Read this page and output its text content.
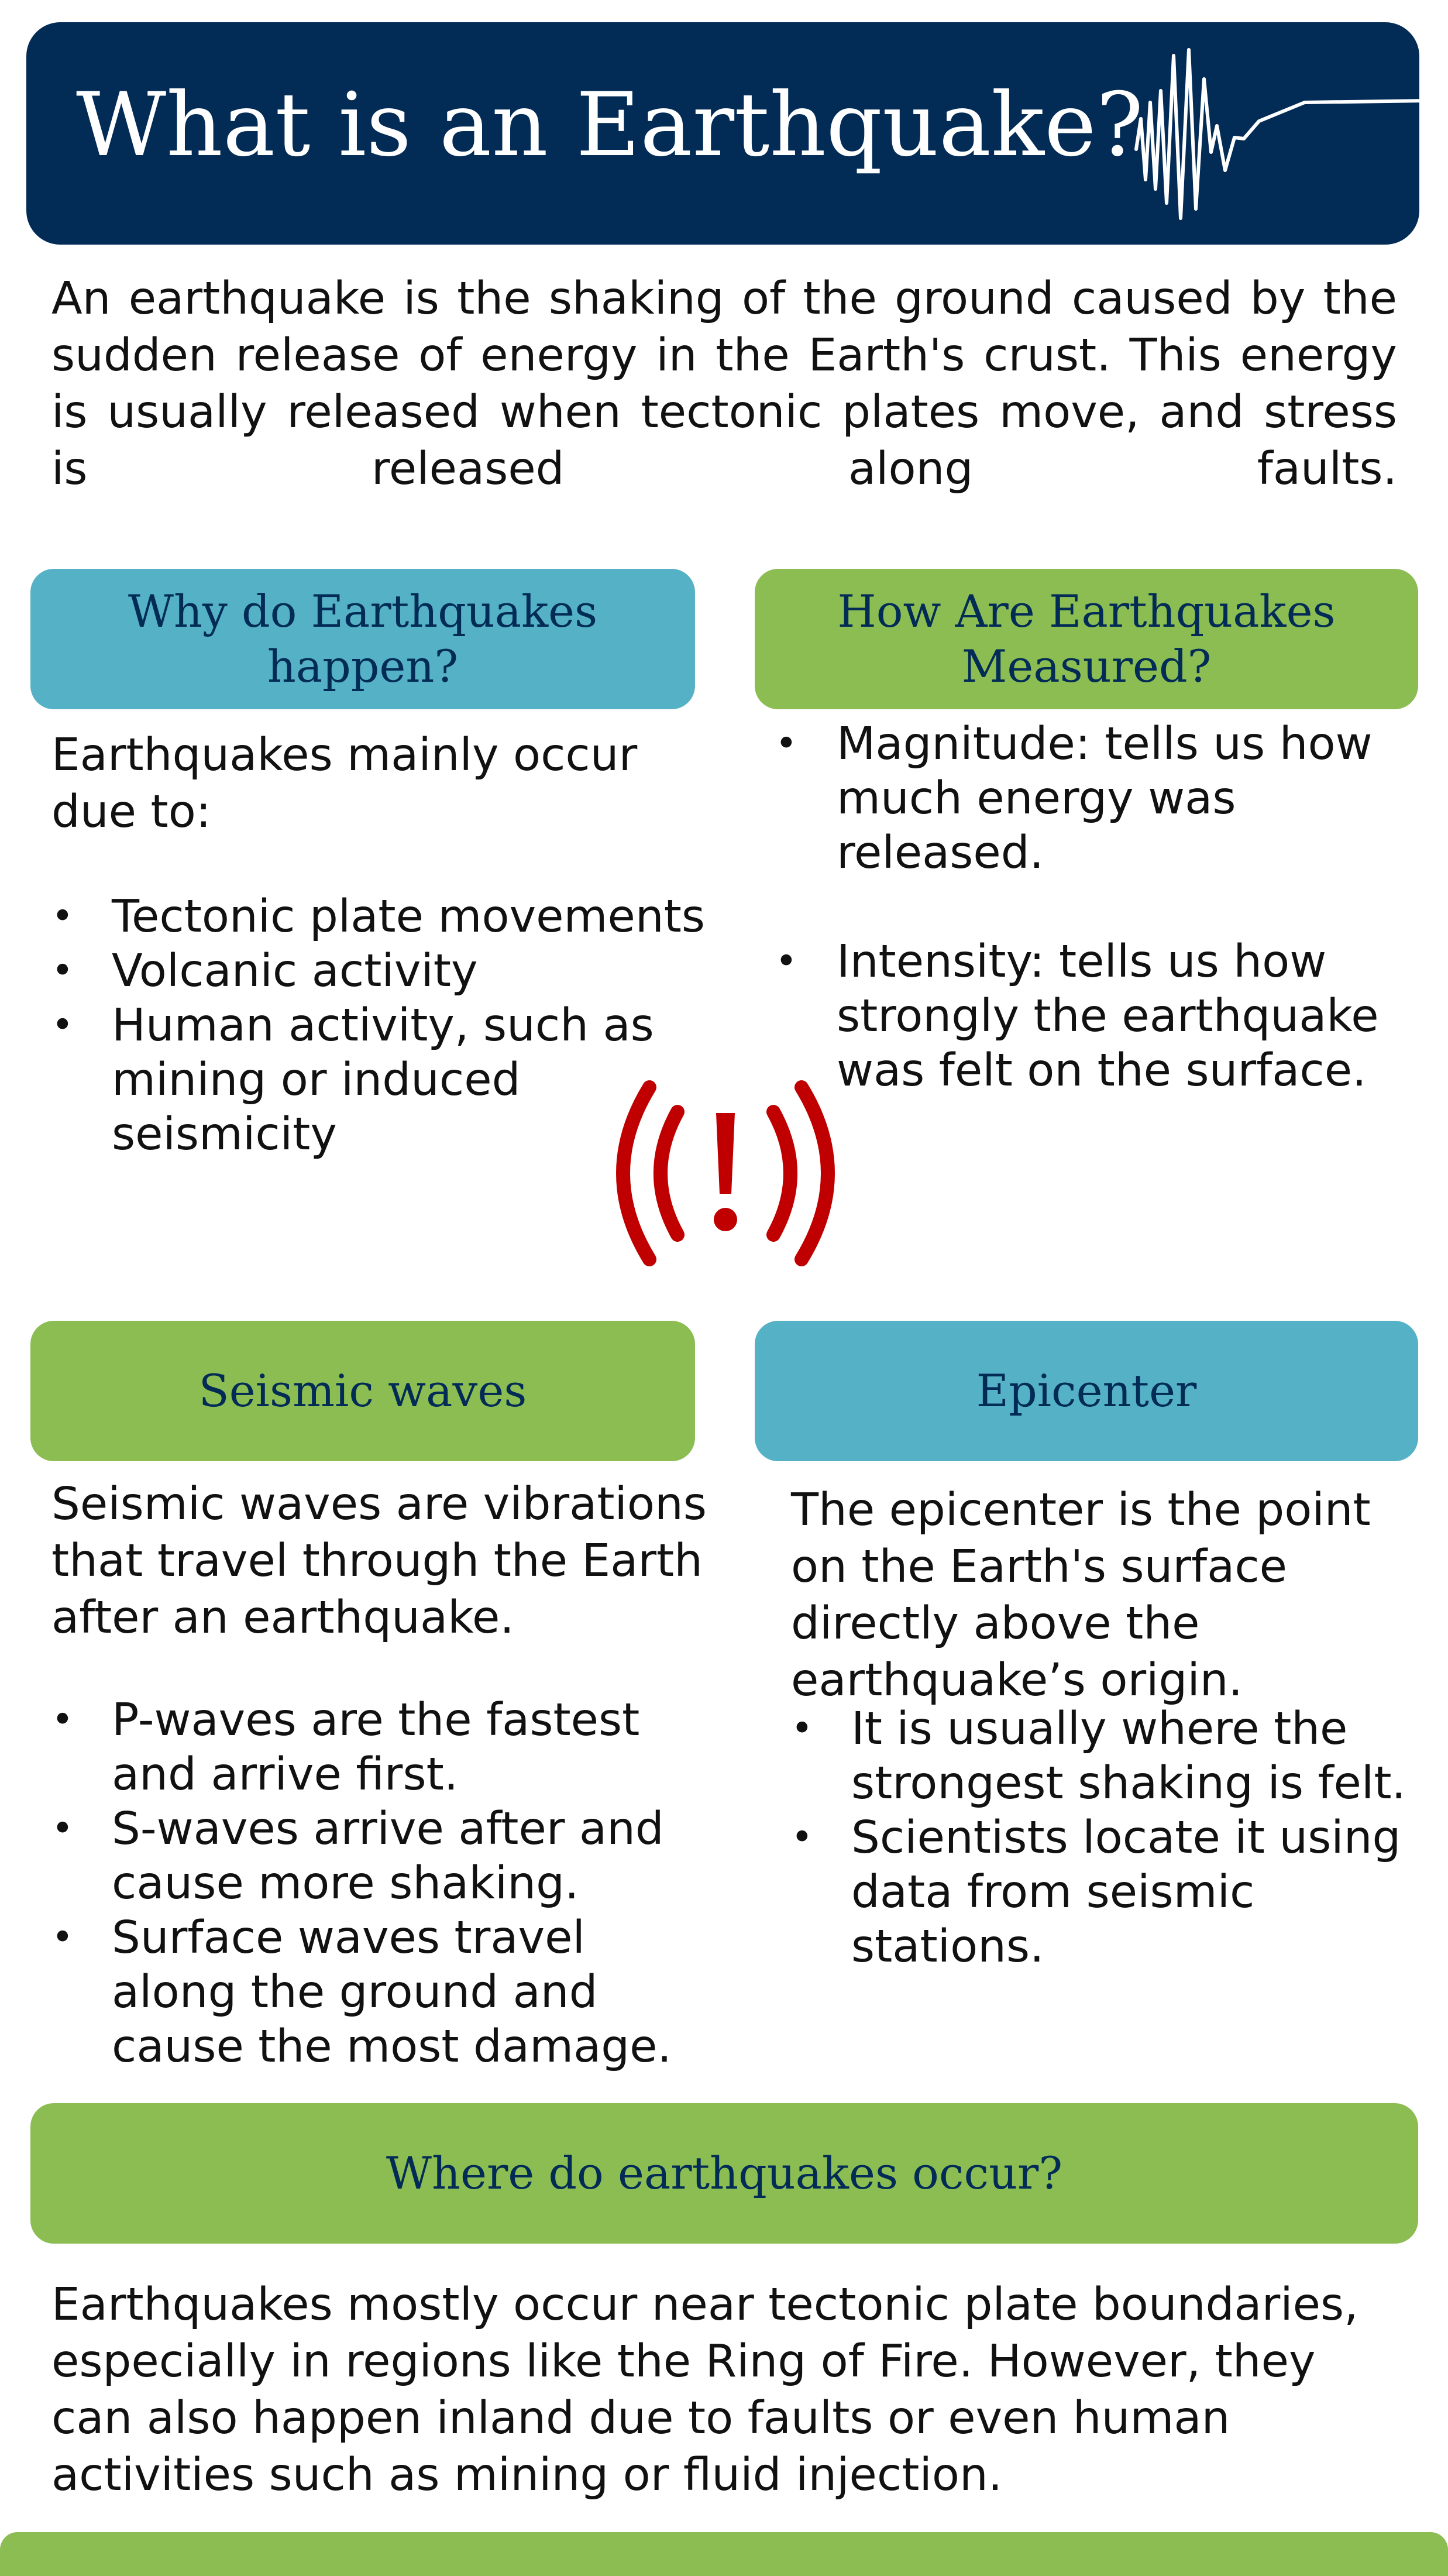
What is an Earthquake?
An earthquake is the shaking of the ground caused by the sudden release of energy in the Earth's crust. This energy is usually released when tectonic plates move, and stress is released along faults.
Why do Earthquakes
happen?
Earthquakes mainly occur due to:
• Tectonic plate movements
• Volcanic activity
• Human activity, such as mining or induced seismicity
How Are Earthquakes
Measured?
• Magnitude: tells us how much energy was released.
• Intensity: tells us how strongly the earthquake was felt on the surface.
Seismic waves
Seismic waves are vibrations that travel through the Earth after an earthquake.
• P-waves are the fastest and arrive first.
• S-waves arrive after and cause more shaking.
• Surface waves travel along the ground and cause the most damage.
Epicenter
The epicenter is the point on the Earth's surface directly above the earthquake’s origin.
• It is usually where the strongest shaking is felt.
• Scientists locate it using data from seismic stations.
Where do earthquakes occur?
Earthquakes mostly occur near tectonic plate boundaries, especially in regions like the Ring of Fire. However, they can also happen inland due to faults or even human activities such as mining or fluid injection.
